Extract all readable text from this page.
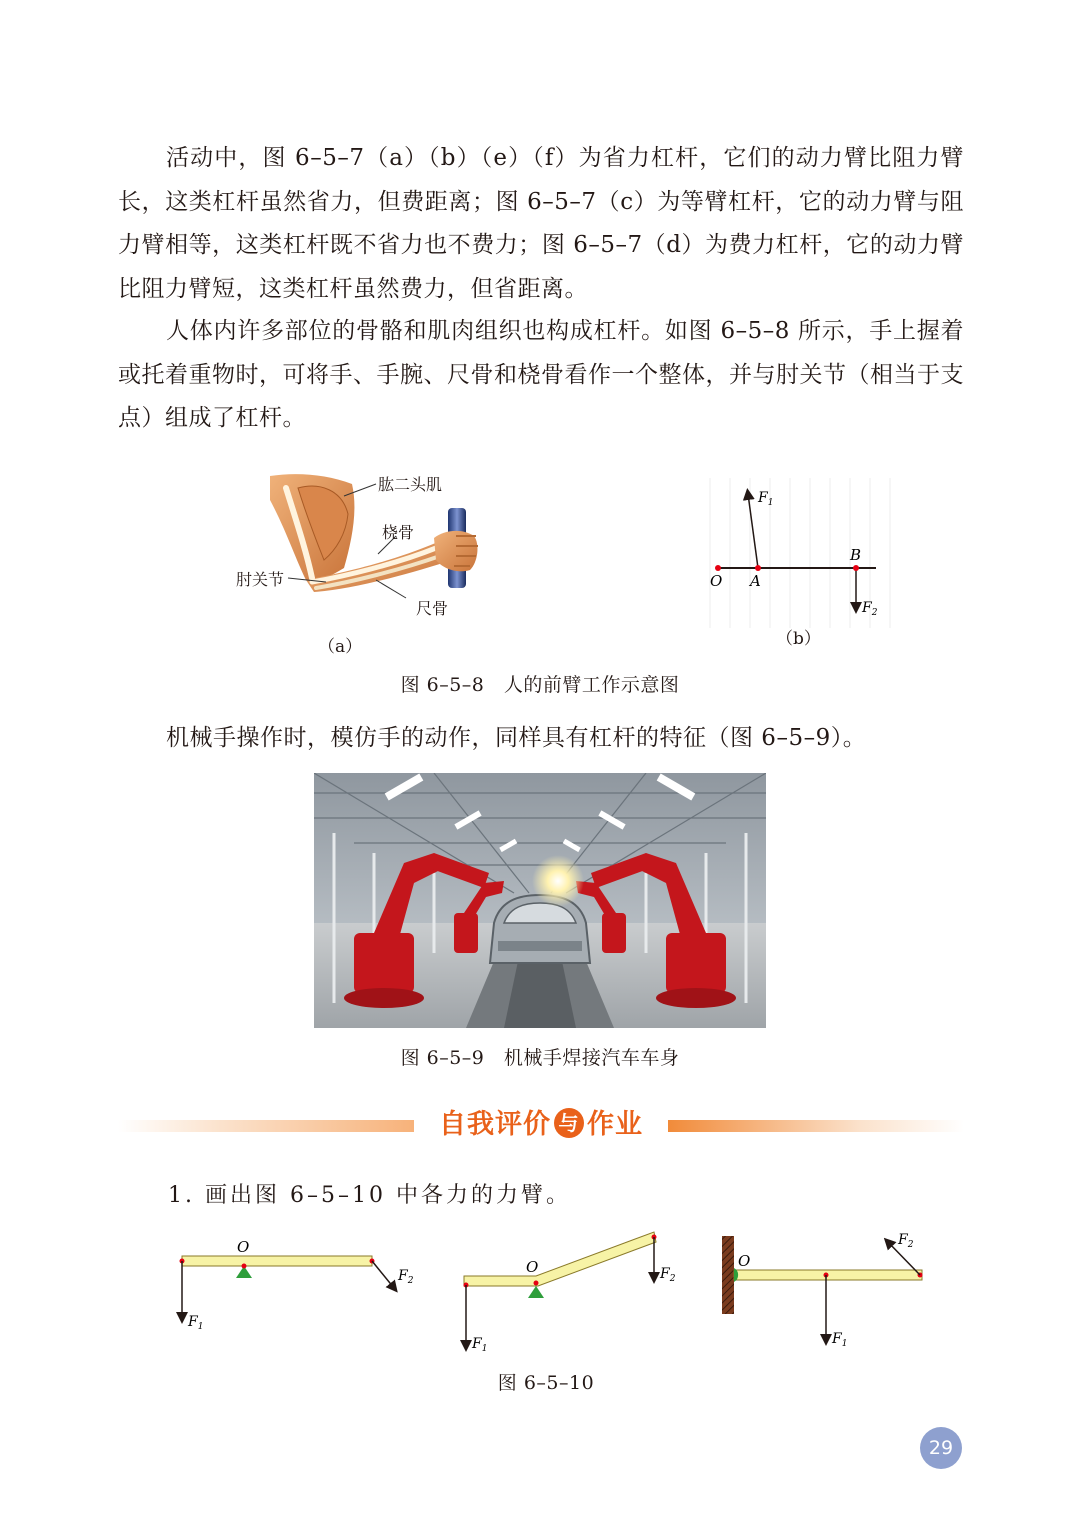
活动中，图 6–5–7（a）（b）（e）（f）为省力杠杆，它们的动力臂比阻力臂长，这类杠杆虽然省力，但费距离；图 6–5–7（c）为等臂杠杆，它的动力臂与阻力臂相等，这类杠杆既不省力也不费力；图 6–5–7（d）为费力杠杆，它的动力臂比阻力臂短，这类杠杆虽然费力，但省距离。

人体内许多部位的骨骼和肌肉组织也构成杠杆。如图 6–5–8 所示，手上握着或托着重物时，可将手、手腕、尺骨和桡骨看作一个整体，并与肘关节（相当于支点）组成了杠杆。

肱二头肌
桡骨
肘关节
尺骨
（a）
$F_1$
$F_2$
O A
B
（b）
图 6–5–8　人的前臂工作示意图

机械手操作时，模仿手的动作，同样具有杠杆的特征（图 6–5–9）。

图 6–5–9　机械手焊接汽车车身
自我评价 与 作业

1. 画出图 6–5–10 中各力的力臂。

O
$F_1$
$F_2$
O
$F_1$
$F_2$
O
$F_1$
$F_2$
图 6–5–10
29
